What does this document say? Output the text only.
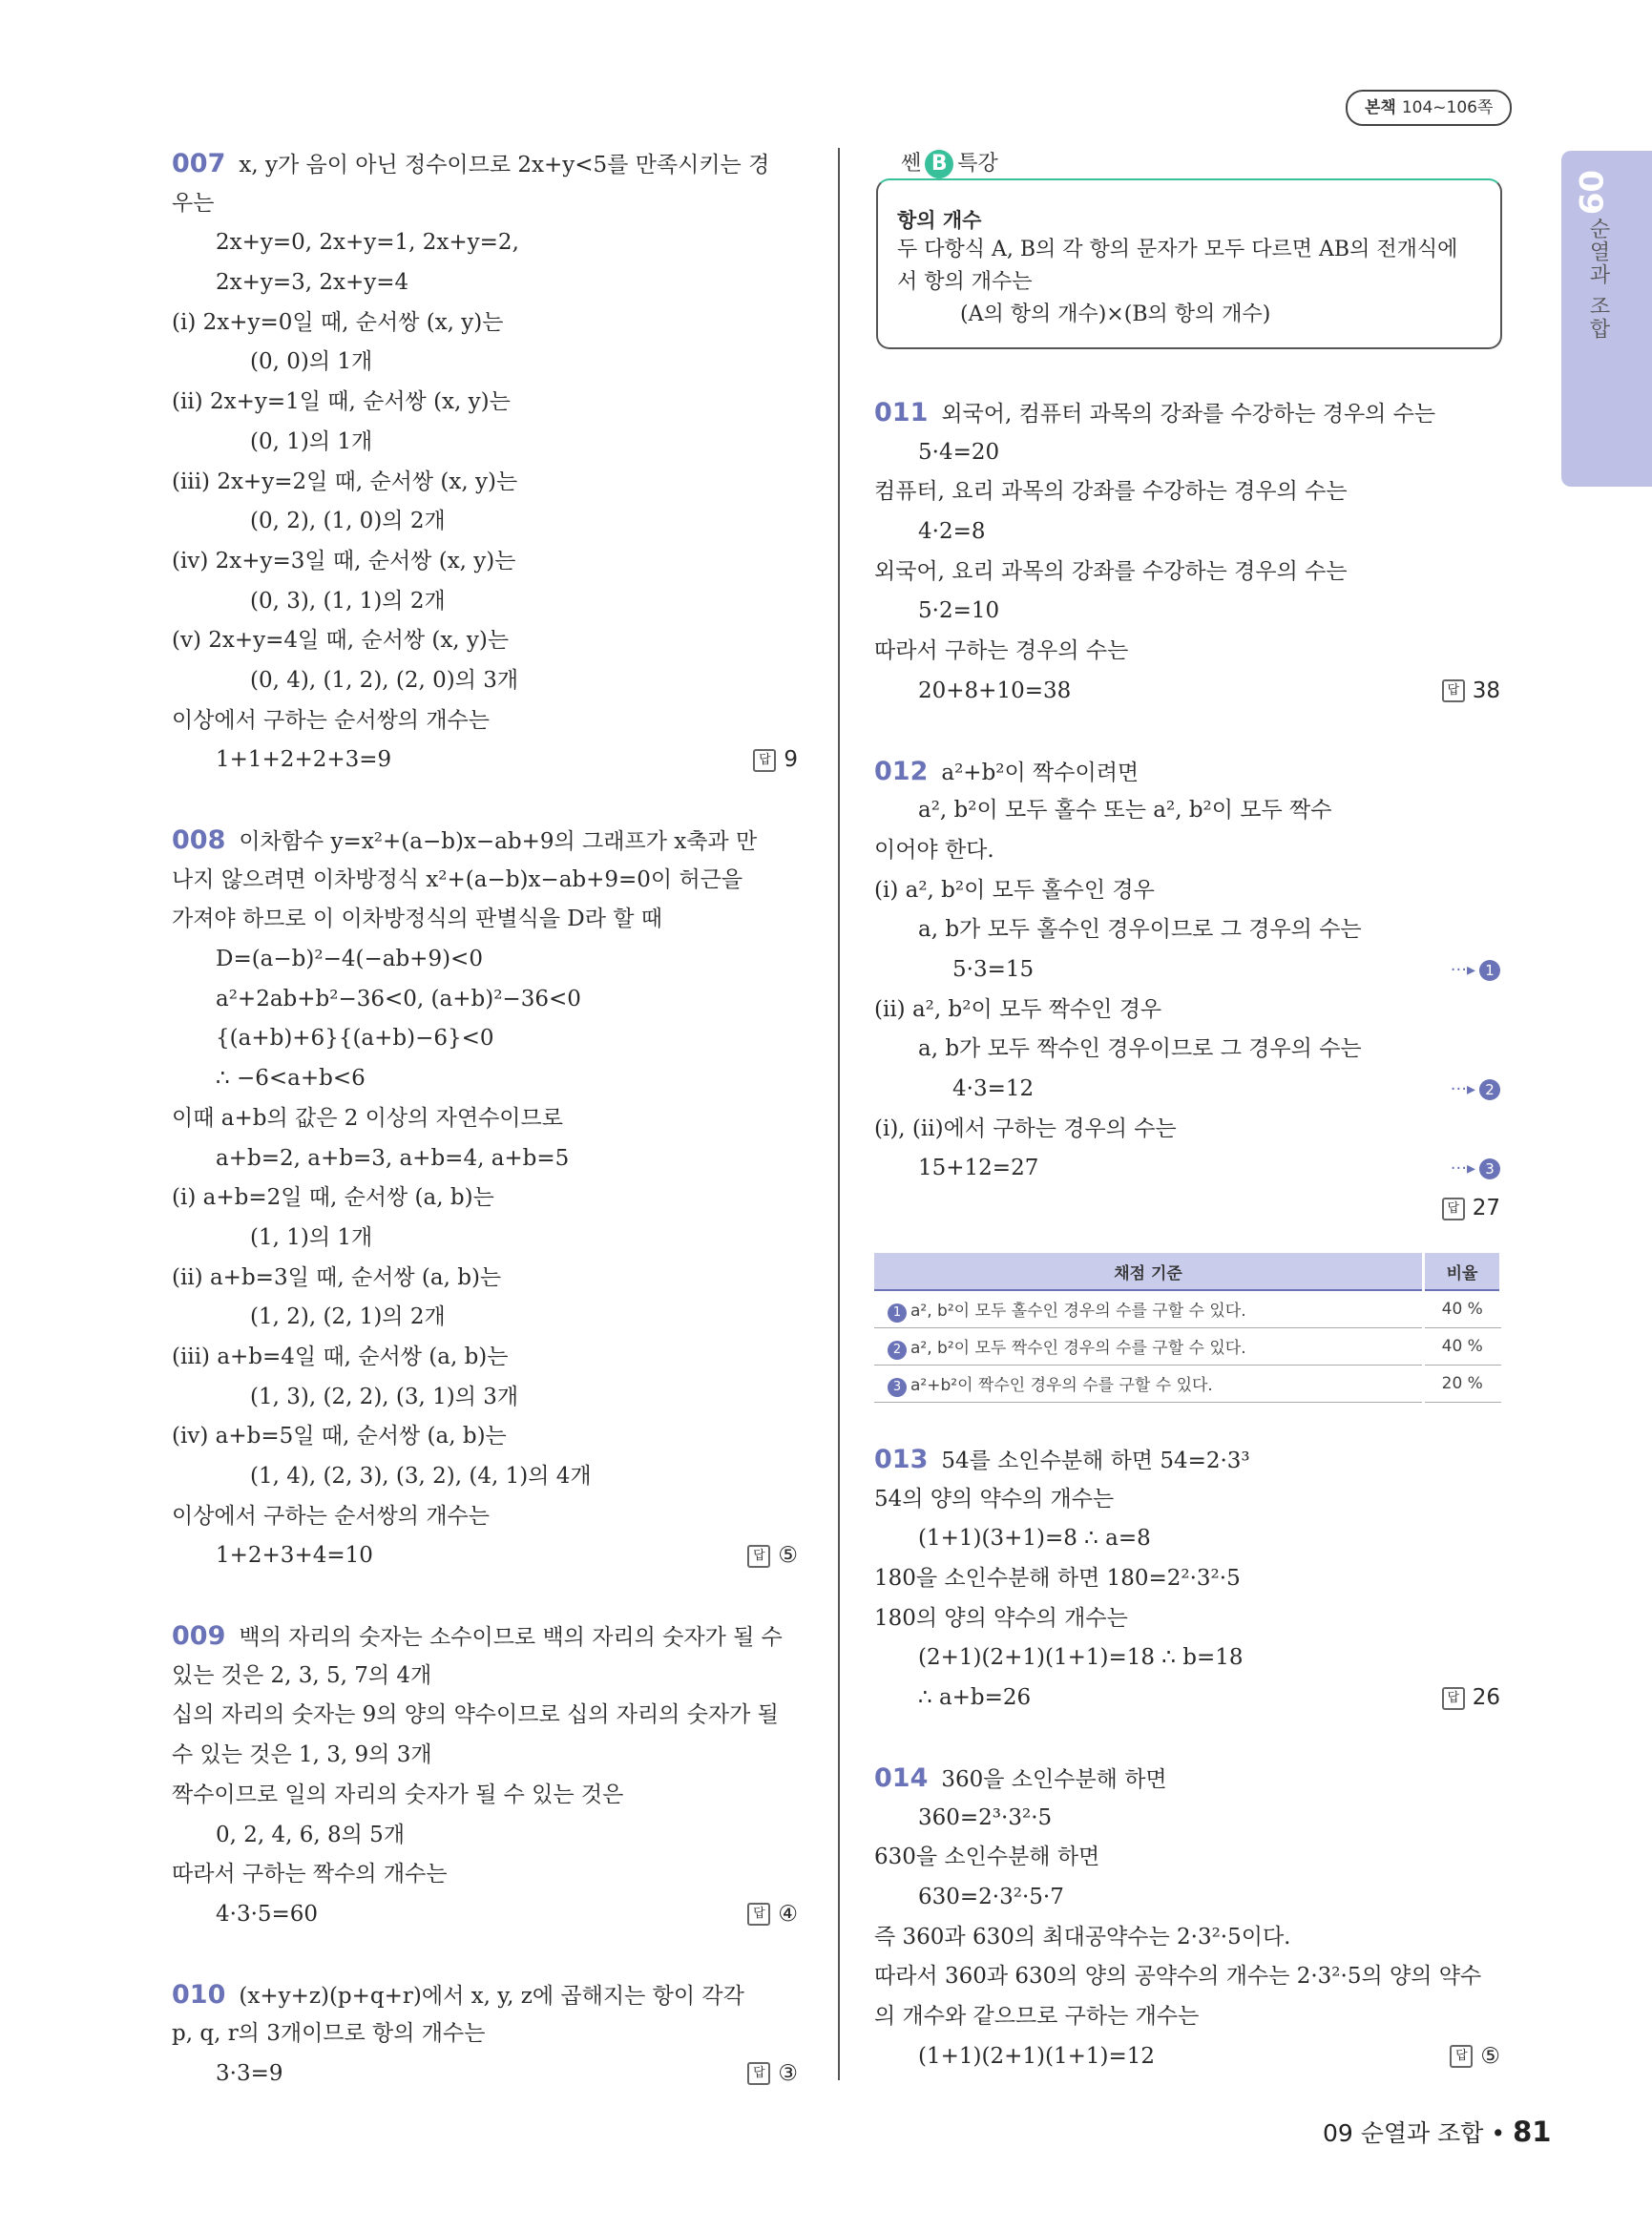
본책 104~106쪽
09
순열과 조합
007 x, y가 음이 아닌 정수이므로 2x+y<5를 만족시키는 경
우는
2x+y=0, 2x+y=1, 2x+y=2,
2x+y=3, 2x+y=4
(ⅰ) 2x+y=0일 때, 순서쌍 (x, y)는
(0, 0)의 1개
(ⅱ) 2x+y=1일 때, 순서쌍 (x, y)는
(0, 1)의 1개
(ⅲ) 2x+y=2일 때, 순서쌍 (x, y)는
(0, 2), (1, 0)의 2개
(ⅳ) 2x+y=3일 때, 순서쌍 (x, y)는
(0, 3), (1, 1)의 2개
(ⅴ) 2x+y=4일 때, 순서쌍 (x, y)는
(0, 4), (1, 2), (2, 0)의 3개
이상에서 구하는 순서쌍의 개수는
1+1+2+2+3=9	답 9
008 이차함수 y=x²+(a−b)x−ab+9의 그래프가 x축과 만
나지 않으려면 이차방정식 x²+(a−b)x−ab+9=0이 허근을
가져야 하므로 이 이차방정식의 판별식을 D라 할 때
D=(a−b)²−4(−ab+9)<0
a²+2ab+b²−36<0, (a+b)²−36<0
{(a+b)+6}{(a+b)−6}<0
∴ −6<a+b<6
이때 a+b의 값은 2 이상의 자연수이므로
a+b=2, a+b=3, a+b=4, a+b=5
(ⅰ) a+b=2일 때, 순서쌍 (a, b)는
(1, 1)의 1개
(ⅱ) a+b=3일 때, 순서쌍 (a, b)는
(1, 2), (2, 1)의 2개
(ⅲ) a+b=4일 때, 순서쌍 (a, b)는
(1, 3), (2, 2), (3, 1)의 3개
(ⅳ) a+b=5일 때, 순서쌍 (a, b)는
(1, 4), (2, 3), (3, 2), (4, 1)의 4개
이상에서 구하는 순서쌍의 개수는
1+2+3+4=10	답 ⑤
009 백의 자리의 숫자는 소수이므로 백의 자리의 숫자가 될 수
있는 것은 2, 3, 5, 7의 4개
십의 자리의 숫자는 9의 양의 약수이므로 십의 자리의 숫자가 될
수 있는 것은 1, 3, 9의 3개
짝수이므로 일의 자리의 숫자가 될 수 있는 것은
0, 2, 4, 6, 8의 5개
따라서 구하는 짝수의 개수는
4·3·5=60	답 ④
010 (x+y+z)(p+q+r)에서 x, y, z에 곱해지는 항이 각각
p, q, r의 3개이므로 항의 개수는
3·3=9	답 ③
쎈 B 특강
항의 개수
두 다항식 A, B의 각 항의 문자가 모두 다르면 AB의 전개식에
서 항의 개수는
(A의 항의 개수)×(B의 항의 개수)
011 외국어, 컴퓨터 과목의 강좌를 수강하는 경우의 수는
5·4=20
컴퓨터, 요리 과목의 강좌를 수강하는 경우의 수는
4·2=8
외국어, 요리 과목의 강좌를 수강하는 경우의 수는
5·2=10
따라서 구하는 경우의 수는
20+8+10=38	답 38
012 a²+b²이 짝수이려면
a², b²이 모두 홀수 또는 a², b²이 모두 짝수
이어야 한다.
(ⅰ) a², b²이 모두 홀수인 경우
a, b가 모두 홀수인 경우이므로 그 경우의 수는
5·3=15	···▸ 1
(ⅱ) a², b²이 모두 짝수인 경우
a, b가 모두 짝수인 경우이므로 그 경우의 수는
4·3=12	···▸ 2
(ⅰ), (ⅱ)에서 구하는 경우의 수는
15+12=27	···▸ 3
답 27
채점 기준	비율
1 a², b²이 모두 홀수인 경우의 수를 구할 수 있다.	40 %
2 a², b²이 모두 짝수인 경우의 수를 구할 수 있다.	40 %
3 a²+b²이 짝수인 경우의 수를 구할 수 있다.	20 %
013 54를 소인수분해 하면 54=2·3³
54의 양의 약수의 개수는
(1+1)(3+1)=8 ∴ a=8
180을 소인수분해 하면 180=2²·3²·5
180의 양의 약수의 개수는
(2+1)(2+1)(1+1)=18 ∴ b=18
∴ a+b=26	답 26
014 360을 소인수분해 하면
360=2³·3²·5
630을 소인수분해 하면
630=2·3²·5·7
즉 360과 630의 최대공약수는 2·3²·5이다.
따라서 360과 630의 양의 공약수의 개수는 2·3²·5의 양의 약수
의 개수와 같으므로 구하는 개수는
(1+1)(2+1)(1+1)=12	답 ⑤
09 순열과 조합 • 81
